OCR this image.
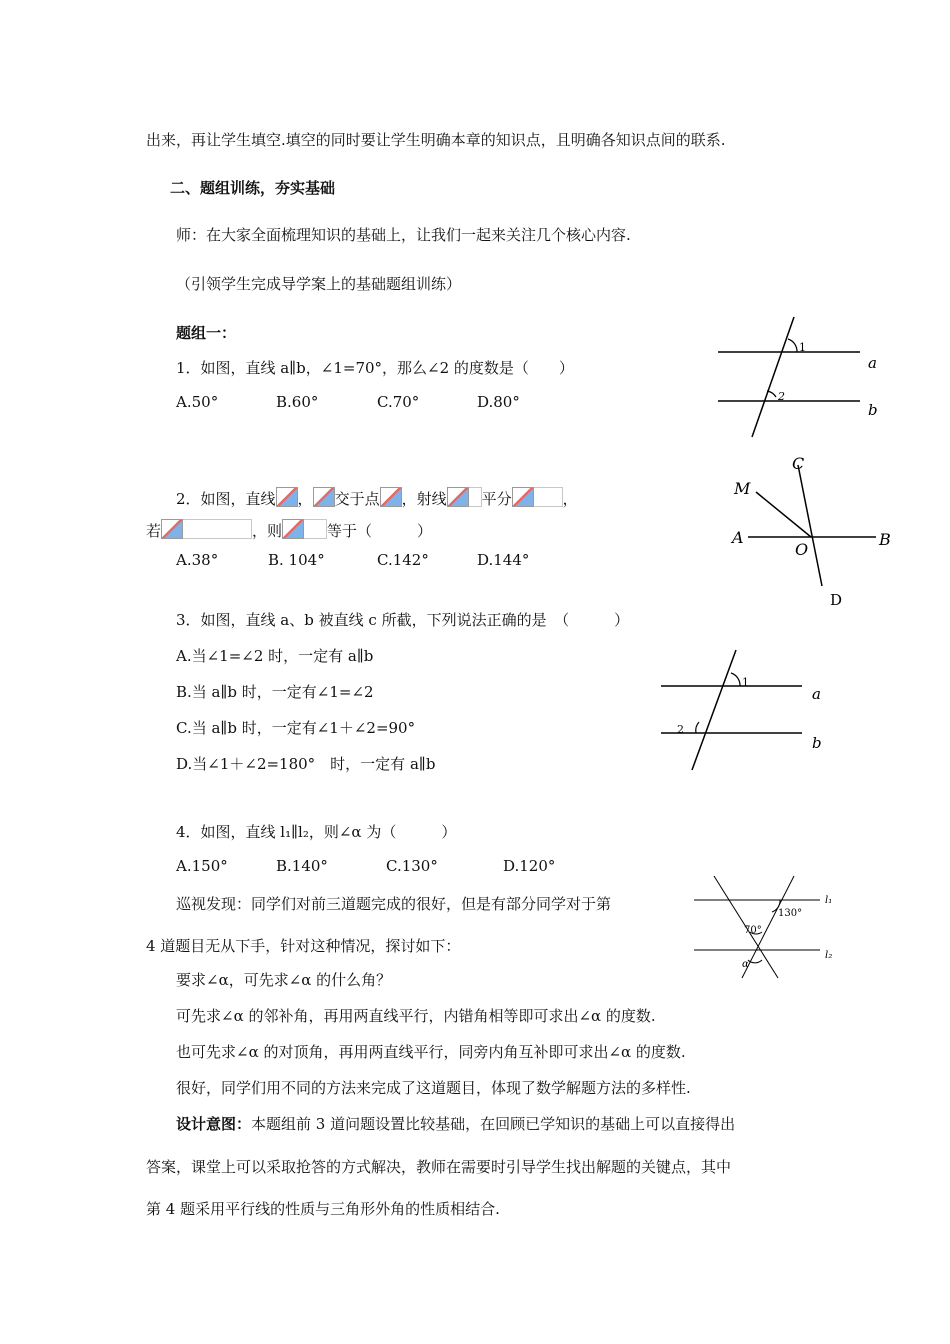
出来，再让学生填空.填空的同时要让学生明确本章的知识点，且明确各知识点间的联系.
二、题组训练，夯实基础
师：在大家全面梳理知识的基础上，让我们一起来关注几个核心内容.
（引领学生完成导学案上的基础题组训练）
题组一：
1．如图，直线 a∥b，∠1=70°，那么∠2 的度数是（　　）
A.50°	B.60°	C.70°	D.80°
2．如图，直线 ， 交于点 ，射线 平分	，
若	，则	等于（　　　）
A.38°	B. 104°	C.142°	D.144°
3．如图，直线 a、b 被直线 c 所截，下列说法正确的是　（　　　）
A.当∠1=∠2 时，一定有 a∥b
B.当 a∥b 时，一定有∠1=∠2
C.当 a∥b 时，一定有∠1＋∠2=90°
D.当∠1＋∠2=180°　时，一定有 a∥b
4．如图，直线 l₁∥l₂，则∠α 为（　　　）
A.150°	B.140°	C.130°	D.120°
巡视发现：同学们对前三道题完成的很好，但是有部分同学对于第
4 道题目无从下手，针对这种情况，探讨如下：
要求∠α，可先求∠α 的什么角？
可先求∠α 的邻补角，再用两直线平行，内错角相等即可求出∠α 的度数.
也可先求∠α 的对顶角，再用两直线平行，同旁内角互补即可求出∠α 的度数.
很好，同学们用不同的方法来完成了这道题目，体现了数学解题方法的多样性.
设计意图：本题组前 3 道问题设置比较基础，在回顾已学知识的基础上可以直接得出
答案，课堂上可以采取抢答的方式解决，教师在需要时引导学生找出解题的关键点，其中
第 4 题采用平行线的性质与三角形外角的性质相结合.
1
2
a
b
M
C
A
O
B
D
1
2
a
b
l₁
l₂
130°
70°
α
